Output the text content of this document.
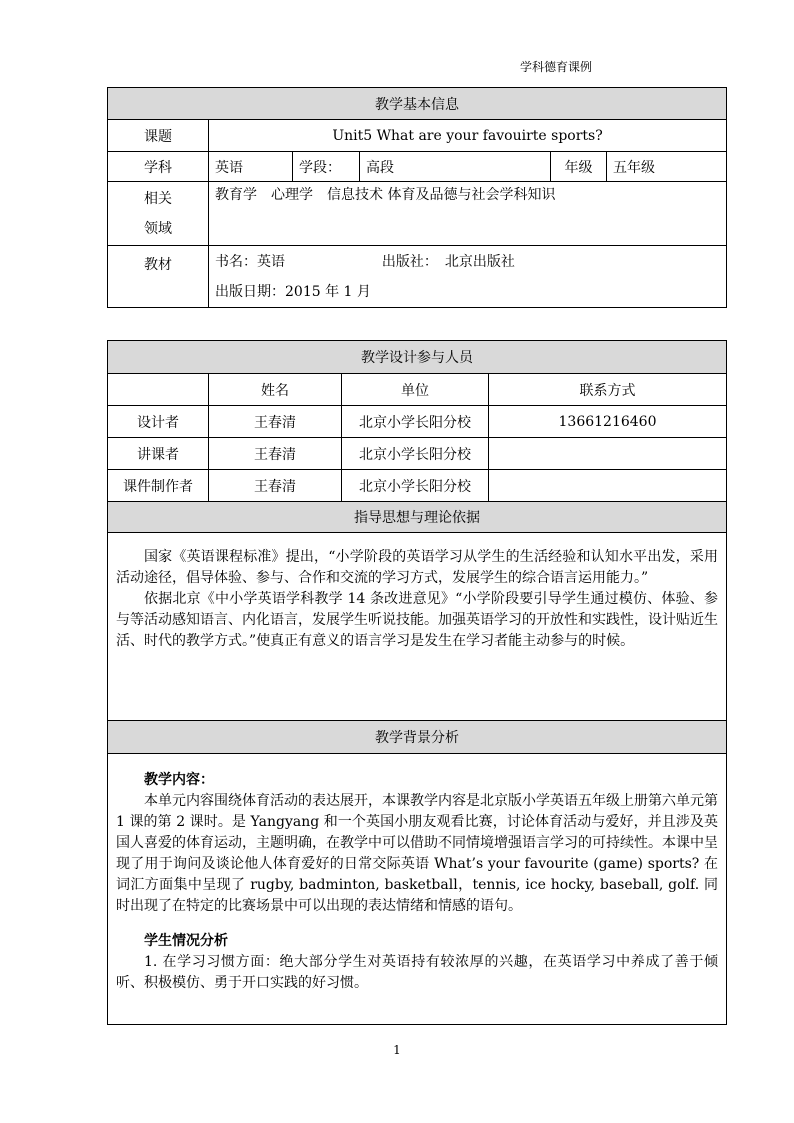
学科德育课例
教学基本信息					
课题	Unit5 What are your favouirte sports?				
学科	英语	学段：	高段	年级	五年级

相关
领域	教育学　心理学　信息技术 体育及品德与社会学科知识				
教材	书名：英语 出版社：　北京出版社
出版日期：2015 年 1 月				
教学设计参与人员			
	姓名	单位	联系方式
设计者	王春清	北京小学长阳分校	13661216460
讲课者	王春清	北京小学长阳分校	
课件制作者	王春清	北京小学长阳分校	
指导思想与理论依据			

国家《英语课程标准》提出，“小学阶段的英语学习从学生的生活经验和认知水平出发，采用活动途径，倡导体验、参与、合作和交流的学习方式，发展学生的综合语言运用能力。”

依据北京《中小学英语学科教学 14 条改进意见》“小学阶段要引导学生通过模仿、体验、参与等活动感知语言、内化语言，发展学生听说技能。加强英语学习的开放性和实践性，设计贴近生活、时代的教学方式。”使真正有意义的语言学习是发生在学习者能主动参与的时候。			

教学背景分析			

教学内容：

本单元内容围绕体育活动的表达展开，本课教学内容是北京版小学英语五年级上册第六单元第 1 课的第 2 课时。是 Yangyang 和一个英国小朋友观看比赛，讨论体育活动与爱好，并且涉及英国人喜爱的体育运动，主题明确，在教学中可以借助不同情境增强语言学习的可持续性。本课中呈现了用于询问及谈论他人体育爱好的日常交际英语 What’s your favourite (game) sports? 在词汇方面集中呈现了 rugby, badminton, basketball，tennis, ice hocky, baseball, golf. 同时出现了在特定的比赛场景中可以出现的表达情绪和情感的语句。

学生情况分析

1. 在学习习惯方面：绝大部分学生对英语持有较浓厚的兴趣，在英语学习中养成了善于倾听、积极模仿、勇于开口实践的好习惯。			

1
